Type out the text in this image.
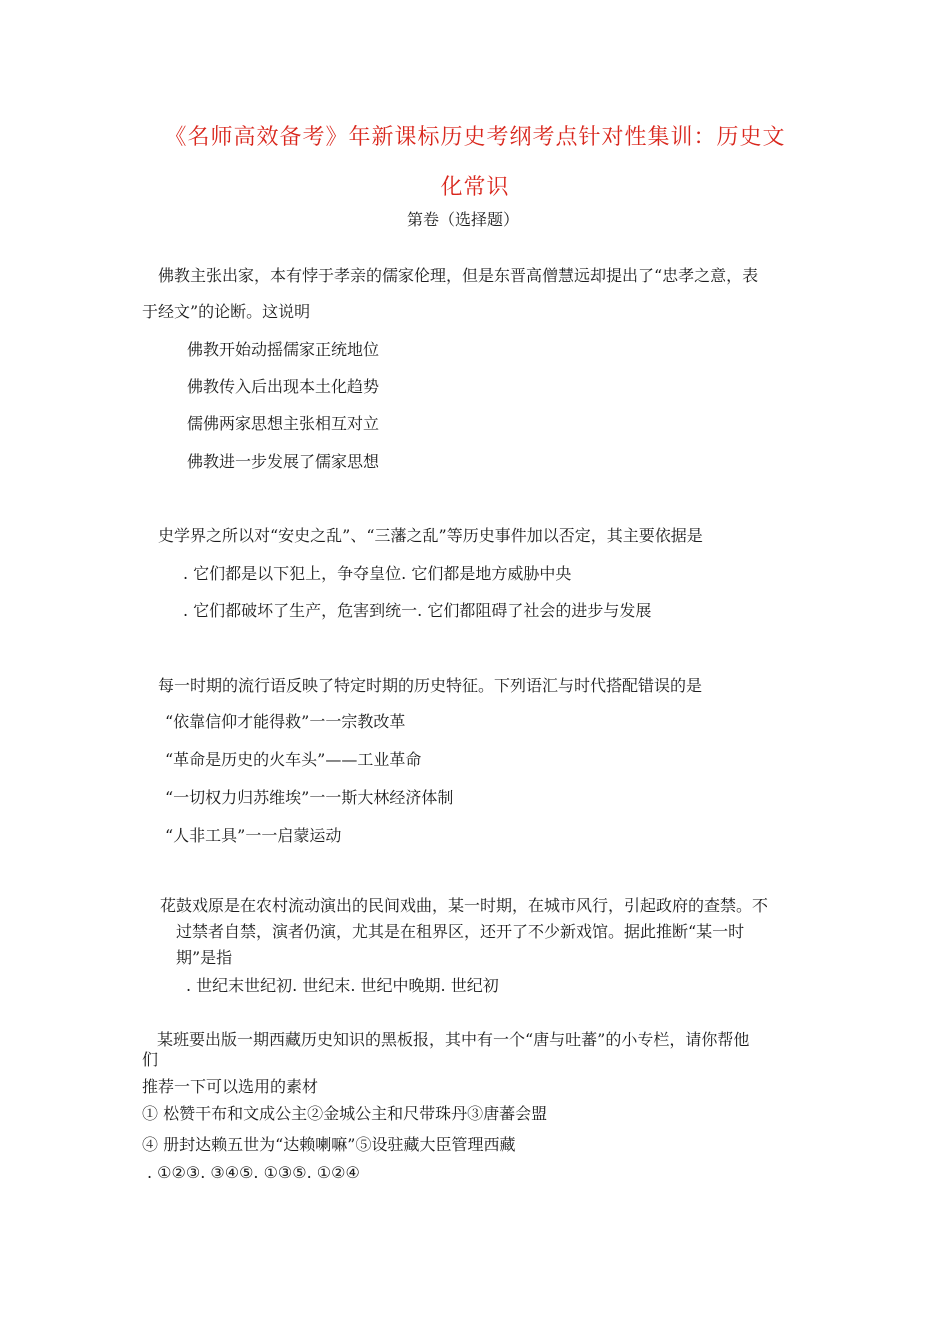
《名师高效备考》年新课标历史考纲考点针对性集训：历史文
化常识
第卷（选择题）
佛教主张出家，本有悖于孝亲的儒家伦理，但是东晋高僧慧远却提出了“忠孝之意，表
于经文”的论断。这说明
佛教开始动摇儒家正统地位
佛教传入后出现本土化趋势
儒佛两家思想主张相互对立
佛教进一步发展了儒家思想
史学界之所以对“安史之乱”、“三藩之乱”等历史事件加以否定，其主要依据是
. 它们都是以下犯上，争夺皇位. 它们都是地方威胁中央
. 它们都破坏了生产，危害到统一. 它们都阻碍了社会的进步与发展
每一时期的流行语反映了特定时期的历史特征。下列语汇与时代搭配错误的是
“依靠信仰才能得救”一一宗教改革
“革命是历史的火车头”——工业革命
“一切权力归苏维埃”一一斯大林经济体制
“人非工具”一一启蒙运动
花鼓戏原是在农村流动演出的民间戏曲，某一时期，在城市风行，引起政府的查禁。不
过禁者自禁，演者仍演，尤其是在租界区，还开了不少新戏馆。据此推断“某一时
期”是指
. 世纪末世纪初. 世纪末. 世纪中晚期. 世纪初
某班要出版一期西藏历史知识的黑板报，其中有一个“唐与吐蕃”的小专栏，请你帮他
们
推荐一下可以选用的素材
① 松赞干布和文成公主②金城公主和尺带珠丹③唐蕃会盟
④ 册封达赖五世为“达赖喇嘛”⑤设驻藏大臣管理西藏
. ①②③. ③④⑤. ①③⑤. ①②④
